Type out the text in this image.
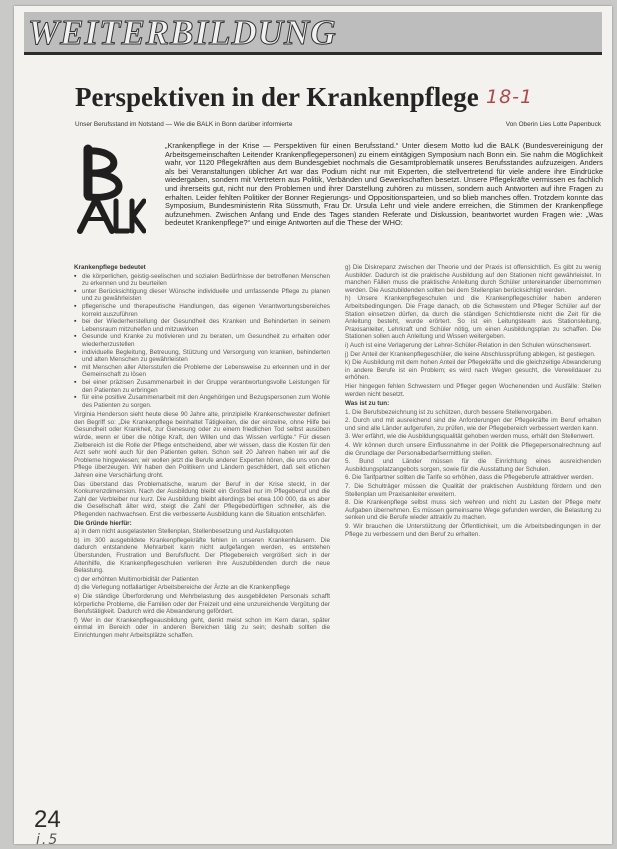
WEITERBILDUNG
Perspektiven in der Krankenpflege 18-1
Unser Berufsstand im Notstand — Wie die BALK in Bonn darüber informierte	Von Oberin Lies Lotte Papenbuck

„Krankenpflege in der Krise — Perspektiven für einen Berufsstand.“ Unter diesem Motto lud die BALK (Bundesvereinigung der Arbeitsgemeinschaften Leitender Krankenpflegepersonen) zu einem eintägigen Symposium nach Bonn ein. Sie nahm die Möglichkeit wahr, vor 1120 Pflegekräften aus dem Bundesgebiet nochmals die Gesamtproblematik unseres Berufsstandes aufzuzeigen. Anders als bei Veranstaltungen üblicher Art war das Podium nicht nur mit Experten, die stellvertretend für viele andere ihre Eindrücke wiedergaben, sondern mit Vertretern aus Politik, Verbänden und Gewerkschaften besetzt. Unsere Pflegekräfte vermissen es fachlich und ihrerseits gut, nicht nur den Problemen und ihrer Darstellung zuhören zu müssen, sondern auch Antworten auf ihre Fragen zu erhalten. Leider fehlten Politiker der Bonner Regierungs- und Oppositionsparteien, und so blieb manches offen. Trotzdem konnte das Symposium, Bundesministerin Rita Süssmuth, Frau Dr. Ursula Lehr und viele andere erreichen, die Stimmen der Krankenpflege aufzunehmen. Zwischen Anfang und Ende des Tages standen Referate und Diskussion, beantwortet wurden Fragen wie: „Was bedeutet Krankenpflege?“ und einige Antworten auf die These der WHO:

Krankenpflege bedeutet

▪ die körperlichen, geistig-seelischen und sozialen Bedürfnisse der betroffenen Menschen zu erkennen und zu beurteilen
▪ unter Berücksichtigung dieser Wünsche individuelle und umfassende Pflege zu planen und zu gewährleisten
▪ pflegerische und therapeutische Handlungen, das eigenen Verantwortungsbereiches korrekt auszuführen
▪ bei der Wiederherstellung der Gesundheit des Kranken und Behinderten in seinem Lebensraum mitzuhelfen und mitzuwirken
▪ Gesunde und Kranke zu motivieren und zu beraten, um Gesundheit zu erhalten oder wiederherzustellen
▪ individuelle Begleitung, Betreuung, Stützung und Versorgung von kranken, behinderten und alten Menschen zu gewährleisten
▪ mit Menschen aller Altersstufen die Probleme der Lebensweise zu erkennen und in der Gemeinschaft zu lösen
▪ bei einer präzisen Zusammenarbeit in der Gruppe verantwortungsvolle Leistungen für den Patienten zu erbringen
▪ für eine positive Zusammenarbeit mit den Angehörigen und Bezugspersonen zum Wohle des Patienten zu sorgen.

Virginia Henderson sieht heute diese 90 Jahre alte, prinzipielle Krankenschwester definiert den Begriff so: „Die Krankenpflege beinhaltet Tätigkeiten, die der einzelne, ohne Hilfe bei Gesundheit oder Krankheit, zur Genesung oder zu einem friedlichen Tod selbst ausüben würde, wenn er über die nötige Kraft, den Willen und das Wissen verfügte.“ Für diesen Zielbereich ist die Rolle der Pflege entscheidend, aber wir wissen, dass die Kosten für den Arzt sehr wohl auch für den Patienten gelten. Schon seit 20 Jahren haben wir auf die Probleme hingewiesen; wir wollen jetzt die Berufe anderer Experten hören, die uns von der Pflege überzeugen. Wir haben den Politikern und Ländern geschildert, daß seit etlichen Jahren eine Verschärfung droht.

Das überstand das Problematische, warum der Beruf in der Krise steckt, in der Konkurrenzdimension. Nach der Ausbildung bleibt ein Großteil nur im Pflegeberuf und die Zahl der Verbleiber nur kurz. Die Ausbildung bleibt allerdings bei etwa 100 000, da es aber die Gesellschaft älter wird, steigt die Zahl der Pflegebedürftigen schneller, als die Pflegenden nachwachsen. Erst die verbesserte Ausbildung kann die Situation entschärfen.

Die Gründe hierfür:

a) in dem nicht ausgelasteten Stellenplan, Stellenbesetzung und Ausfallquoten

b) im 300 ausgebildete Krankenpflegekräfte fehlen in unseren Krankenhäusern. Die dadurch entstandene Mehrarbeit kann nicht aufgefangen werden, es entstehen Überstunden, Frustration und Berufsflucht. Der Pflegebereich vergrößert sich in der Altenhilfe, die Krankenpflegeschulen verlieren ihre Auszubildenden durch die neue Belastung.

c) der erhöhten Multimorbidität der Patienten

d) die Verlegung notfallartiger Arbeitsbereiche der Ärzte an die Krankenpflege

e) Die ständige Überforderung und Mehrbelastung des ausgebildeten Personals schafft körperliche Probleme, die Familien oder der Freizeit und eine unzureichende Vergütung der Berufstätigkeit. Dadurch wird die Abwanderung gefördert.

f) Wer in der Krankenpflegeausbildung geht, denkt meist schon im Kern daran, später einmal im Bereich oder in anderen Bereichen tätig zu sein; deshalb sollten die Einrichtungen mehr Arbeitsplätze schaffen.

g) Die Diskrepanz zwischen der Theorie und der Praxis ist offensichtlich. Es gibt zu wenig Ausbilder. Dadurch ist die praktische Ausbildung auf den Stationen nicht gewährleistet. In manchen Fällen muss die praktische Anleitung durch Schüler untereinander übernommen werden. Die Auszubildenden sollten bei dem Stellenplan berücksichtigt werden.

h) Unsere Krankenpflegeschulen und die Krankenpflegeschüler haben anderen Arbeitsbedingungen. Die Frage danach, ob die Schwestern und Pfleger Schüler auf der Station einsetzen dürfen, da durch die ständigen Schichtdienste nicht die Zeit für die Anleitung besteht, wurde erörtert. So ist ein Leitungsteam aus Stationsleitung, Praxisanleiter, Lehrkraft und Schüler nötig, um einen Ausbildungsplan zu schaffen. Die Stationen sollen auch Anleitung und Wissen weitergeben.

i) Auch ist eine Verlagerung der Lehrer-Schüler-Relation in den Schulen wünschenswert.

j) Der Anteil der Krankenpflegeschüler, die keine Abschlussprüfung ablegen, ist gestiegen.

k) Die Ausbildung mit dem hohen Anteil der Pflegekräfte und die gleichzeitige Abwanderung in andere Berufe ist ein Problem; es wird nach Wegen gesucht, die Verweildauer zu erhöhen.

Hier hingegen fehlen Schwestern und Pfleger gegen Wochenenden und Ausfälle: Stellen werden nicht besetzt.

Was ist zu tun:

1. Die Berufsbezeichnung ist zu schützen, durch bessere Stellenvorgaben.

2. Durch und mit ausreichend sind die Anforderungen der Pflegekräfte im Beruf erhalten und sind alle Länder aufgerufen, zu prüfen, wie der Pflegebereich verbessert werden kann.

3. Wer erfährt, wie die Ausbildungsqualität gehoben werden muss, erhält den Stellenwert.

4. Wir können durch unsere Einflussnahme in der Politik die Pflegepersonalrechnung auf die Grundlage der Personalbedarfsermittlung stellen.

5. Bund und Länder müssen für die Einrichtung eines ausreichenden Ausbildungsplatzangebots sorgen, sowie für die Ausstattung der Schulen.

6. Die Tarifpartner sollten die Tarife so erhöhen, dass die Pflegeberufe attraktiver werden.

7. Die Schulträger müssen die Qualität der praktischen Ausbildung fördern und den Stellenplan um Praxisanleiter erweitern.

8. Die Krankenpflege selbst muss sich wehren und nicht zu Lasten der Pflege mehr Aufgaben übernehmen. Es müssen gemeinsame Wege gefunden werden, die Belastung zu senken und die Berufe wieder attraktiv zu machen.

9. Wir brauchen die Unterstützung der Öffentlichkeit, um die Arbeitsbedingungen in der Pflege zu verbessern und den Beruf zu erhalten.

24
i.5
